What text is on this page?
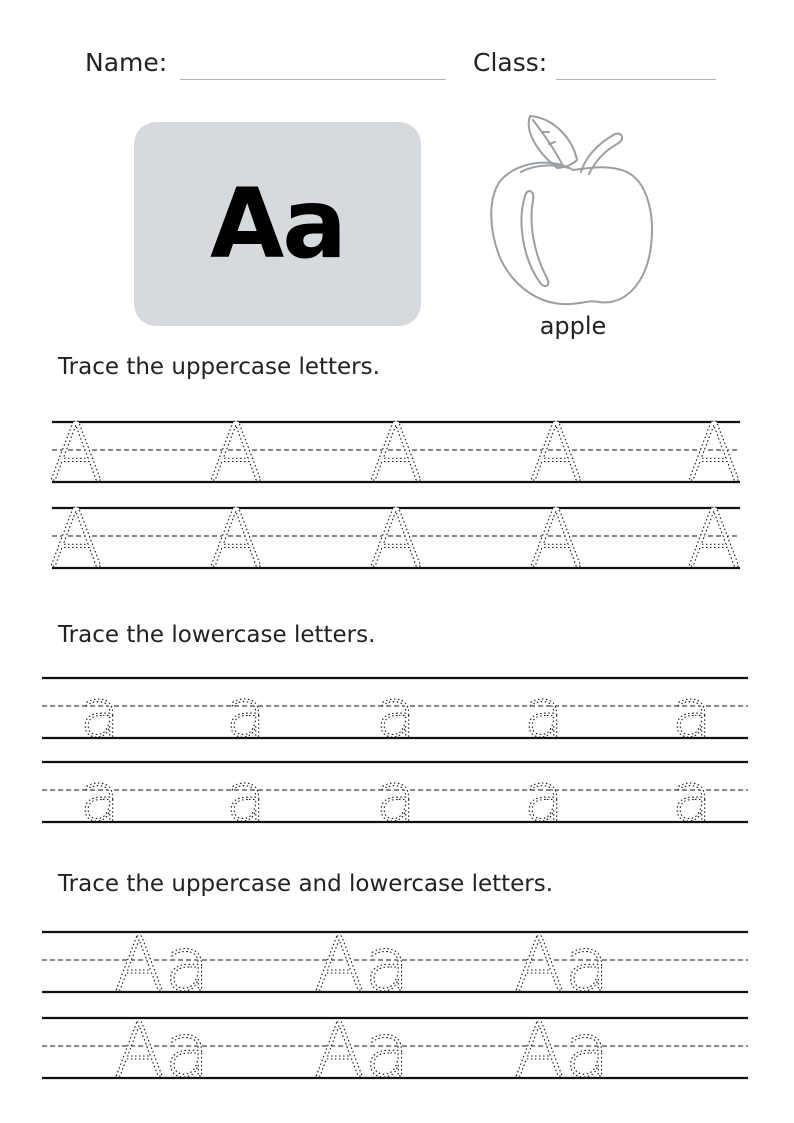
Name:	Class:
Aa
apple
Trace the uppercase letters.
Trace the lowercase letters.
Trace the uppercase and lowercase letters.
A A A A A
A A A A A
a a a a a
a a a a a
Aa Aa Aa
Aa Aa Aa
